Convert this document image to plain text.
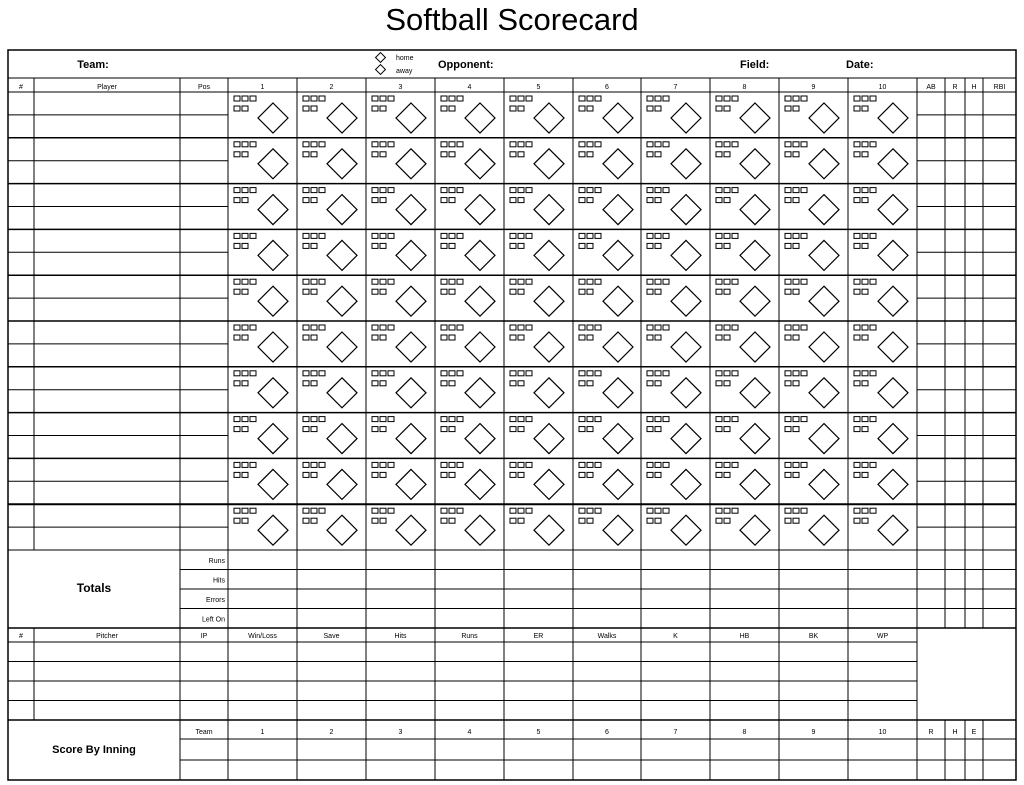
Softball Scorecard
Team:
home
away
Opponent:	Field:	Date:
#	Player	Pos	1	2	3	4	5	6	7	8	9	10	AB R H RBI
Totals
Runs
Hits
Errors
Left On
#	Pitcher	IP	Win/Loss	Save	Hits	Runs	ER	Walks	K	HB	BK	WP
Score By Inning
Team	1	2	3	4	5	6	7	8	9	10	R	H E
